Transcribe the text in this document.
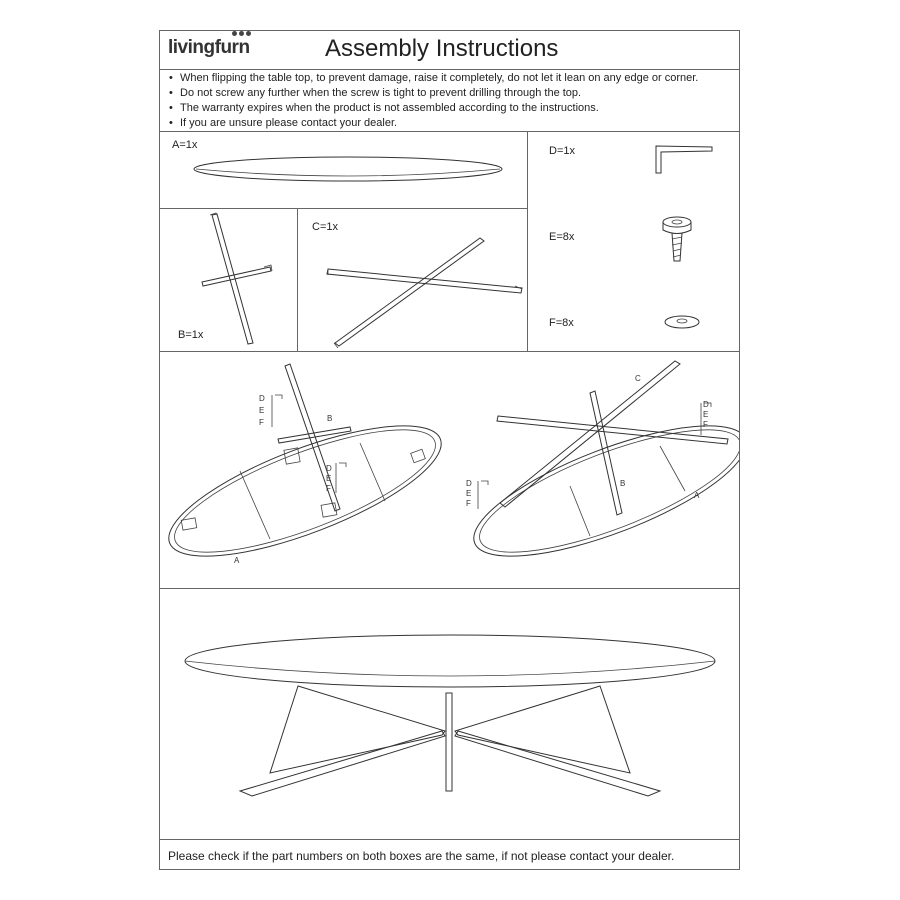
livingfurn	Assembly Instructions
• When flipping the table top, to prevent damage, raise it completely, do not let it lean on any edge or corner.
• Do not screw any further when the screw is tight to prevent drilling through the top.
• The warranty expires when the product is not assembled according to the instructions.
• If you are unsure please contact your dealer.
A=1x
B=1x
C=1x
D=1x
E=8x
F=8x
D
E
F
D
E
F
B
A
C
B
A
D
E
F
D
E
F
Please check if the part numbers on both boxes are the same, if not please contact your dealer.
